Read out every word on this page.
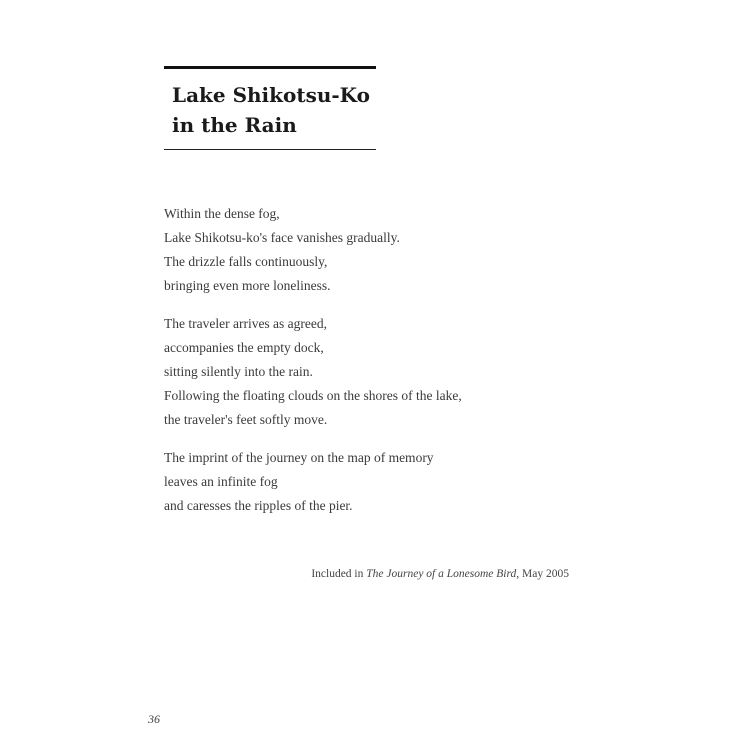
Lake Shikotsu-Ko
in the Rain
Within the dense fog,
Lake Shikotsu-ko's face vanishes gradually.
The drizzle falls continuously,
bringing even more loneliness.
The traveler arrives as agreed,
accompanies the empty dock,
sitting silently into the rain.
Following the floating clouds on the shores of the lake,
the traveler's feet softly move.
The imprint of the journey on the map of memory
leaves an infinite fog
and caresses the ripples of the pier.
Included in The Journey of a Lonesome Bird, May 2005
36
